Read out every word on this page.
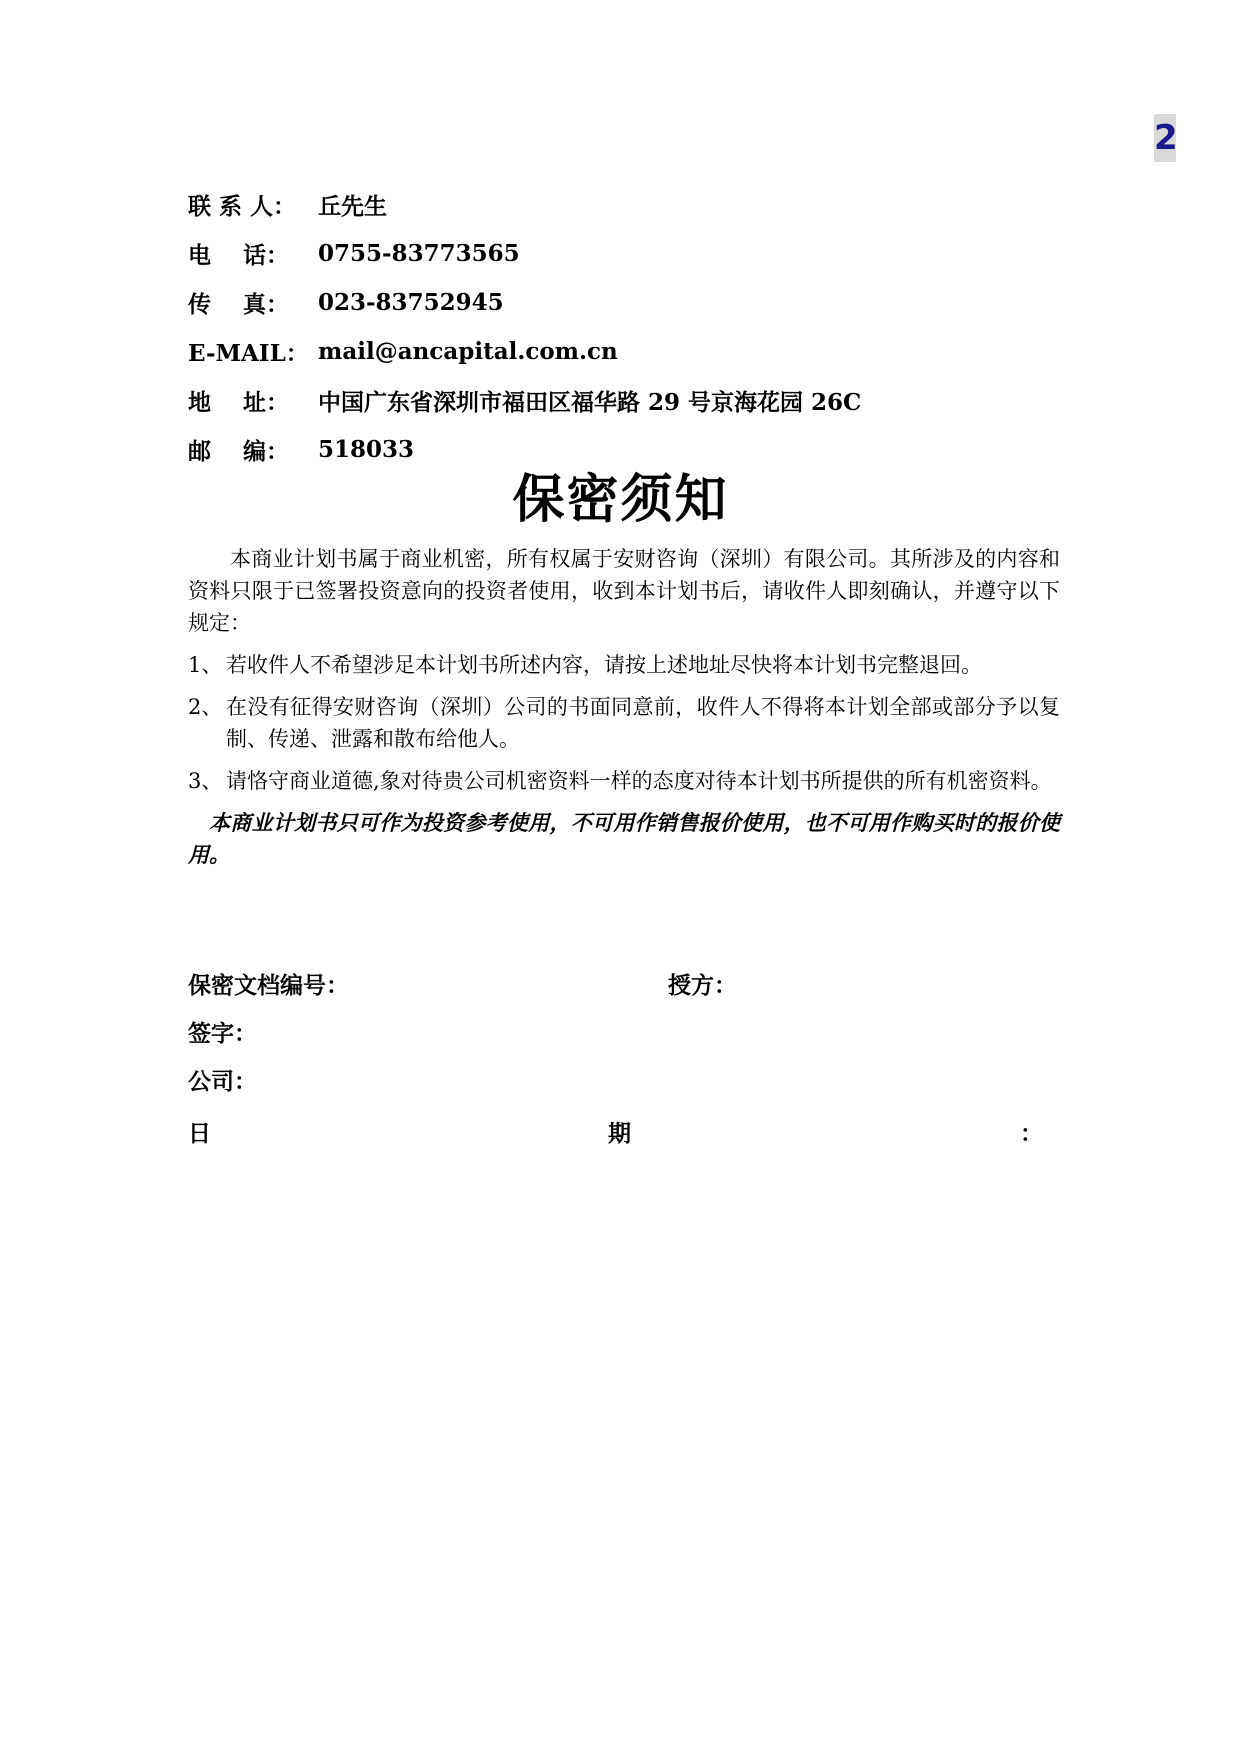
2
联 系 人： 丘先生
电    话：	0755-83773565
传    真：	023-83752945
E-MAIL： mail@ancapital.com.cn
地    址：	中国广东省深圳市福田区福华路 29 号京海花园 26C
邮    编：	518033
保密须知

本商业计划书属于商业机密，所有权属于安财咨询（深圳）有限公司。其所涉及的内容和资料只限于已签署投资意向的投资者使用，收到本计划书后，请收件人即刻确认，并遵守以下规定：

1、 若收件人不希望涉足本计划书所述内容，请按上述地址尽快将本计划书完整退回。
2、 在没有征得安财咨询（深圳）公司的书面同意前，收件人不得将本计划全部或部分予以复制、传递、泄露和散布给他人。
3、 请恪守商业道德,象对待贵公司机密资料一样的态度对待本计划书所提供的所有机密资料。

本商业计划书只可作为投资参考使用，不可用作销售报价使用，也不可用作购买时的报价使用。

保密文档编号：	授方：
签字：
公司：
日	期	：
